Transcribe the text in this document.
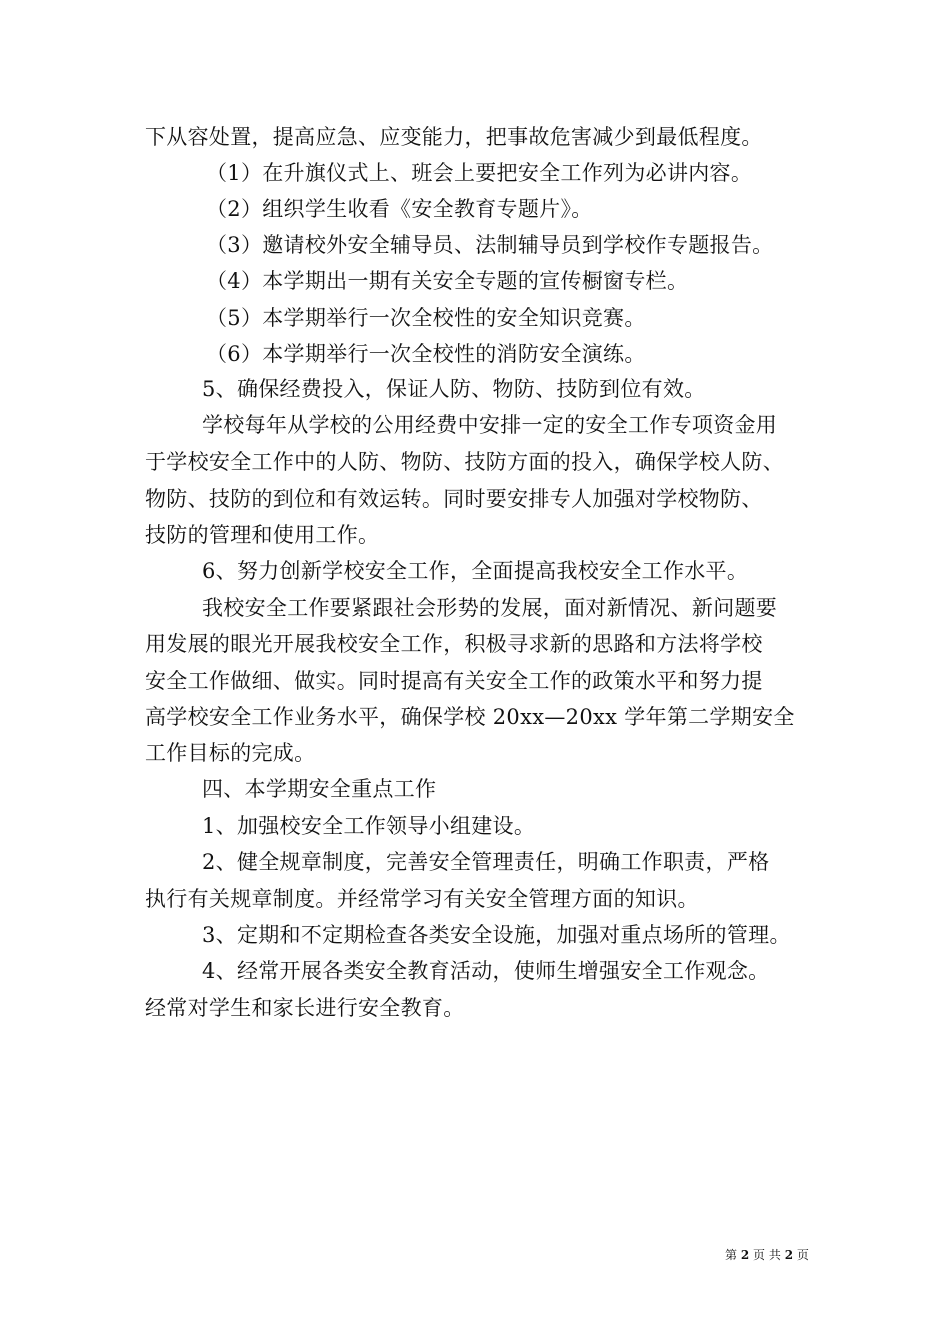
下从容处置，提高应急、应变能力，把事故危害减少到最低程度。
（1）在升旗仪式上、班会上要把安全工作列为必讲内容。
（2）组织学生收看《安全教育专题片》。
（3）邀请校外安全辅导员、法制辅导员到学校作专题报告。
（4）本学期出一期有关安全专题的宣传橱窗专栏。
（5）本学期举行一次全校性的安全知识竞赛。
（6）本学期举行一次全校性的消防安全演练。
5、确保经费投入，保证人防、物防、技防到位有效。
学校每年从学校的公用经费中安排一定的安全工作专项资金用
于学校安全工作中的人防、物防、技防方面的投入，确保学校人防、
物防、技防的到位和有效运转。同时要安排专人加强对学校物防、
技防的管理和使用工作。
6、努力创新学校安全工作，全面提高我校安全工作水平。
我校安全工作要紧跟社会形势的发展，面对新情况、新问题要
用发展的眼光开展我校安全工作，积极寻求新的思路和方法将学校
安全工作做细、做实。同时提高有关安全工作的政策水平和努力提
高学校安全工作业务水平，确保学校 20xx—20xx 学年第二学期安全
工作目标的完成。
四、本学期安全重点工作
1、加强校安全工作领导小组建设。
2、健全规章制度，完善安全管理责任，明确工作职责，严格
执行有关规章制度。并经常学习有关安全管理方面的知识。
3、定期和不定期检查各类安全设施，加强对重点场所的管理。
4、经常开展各类安全教育活动，使师生增强安全工作观念。
经常对学生和家长进行安全教育。
第 2 页 共 2 页
